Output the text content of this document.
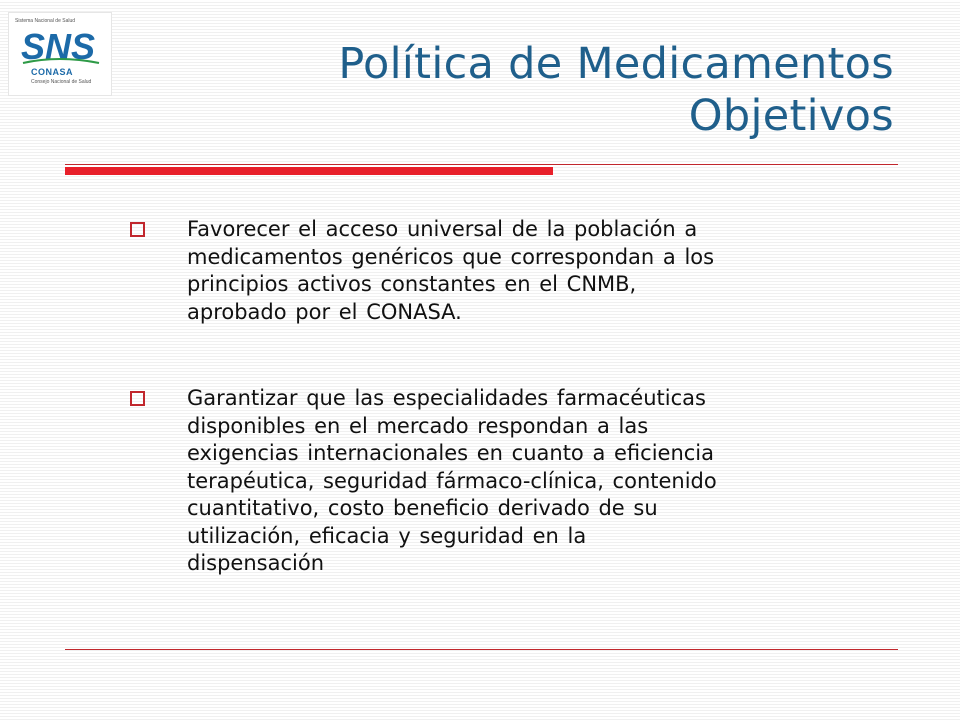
Sistema Nacional de Salud
SNS
CONASA
Consejo Nacional de Salud	Política de Medicamentos
Objetivos
Favorecer el acceso universal de la población a
medicamentos genéricos que correspondan a los
principios activos constantes en el CNMB,
aprobado por el CONASA.
Garantizar que las especialidades farmacéuticas
disponibles en el mercado respondan a las
exigencias internacionales en cuanto a eficiencia
terapéutica, seguridad fármaco-clínica, contenido
cuantitativo, costo beneficio derivado de su
utilización, eficacia y seguridad en la
dispensación
